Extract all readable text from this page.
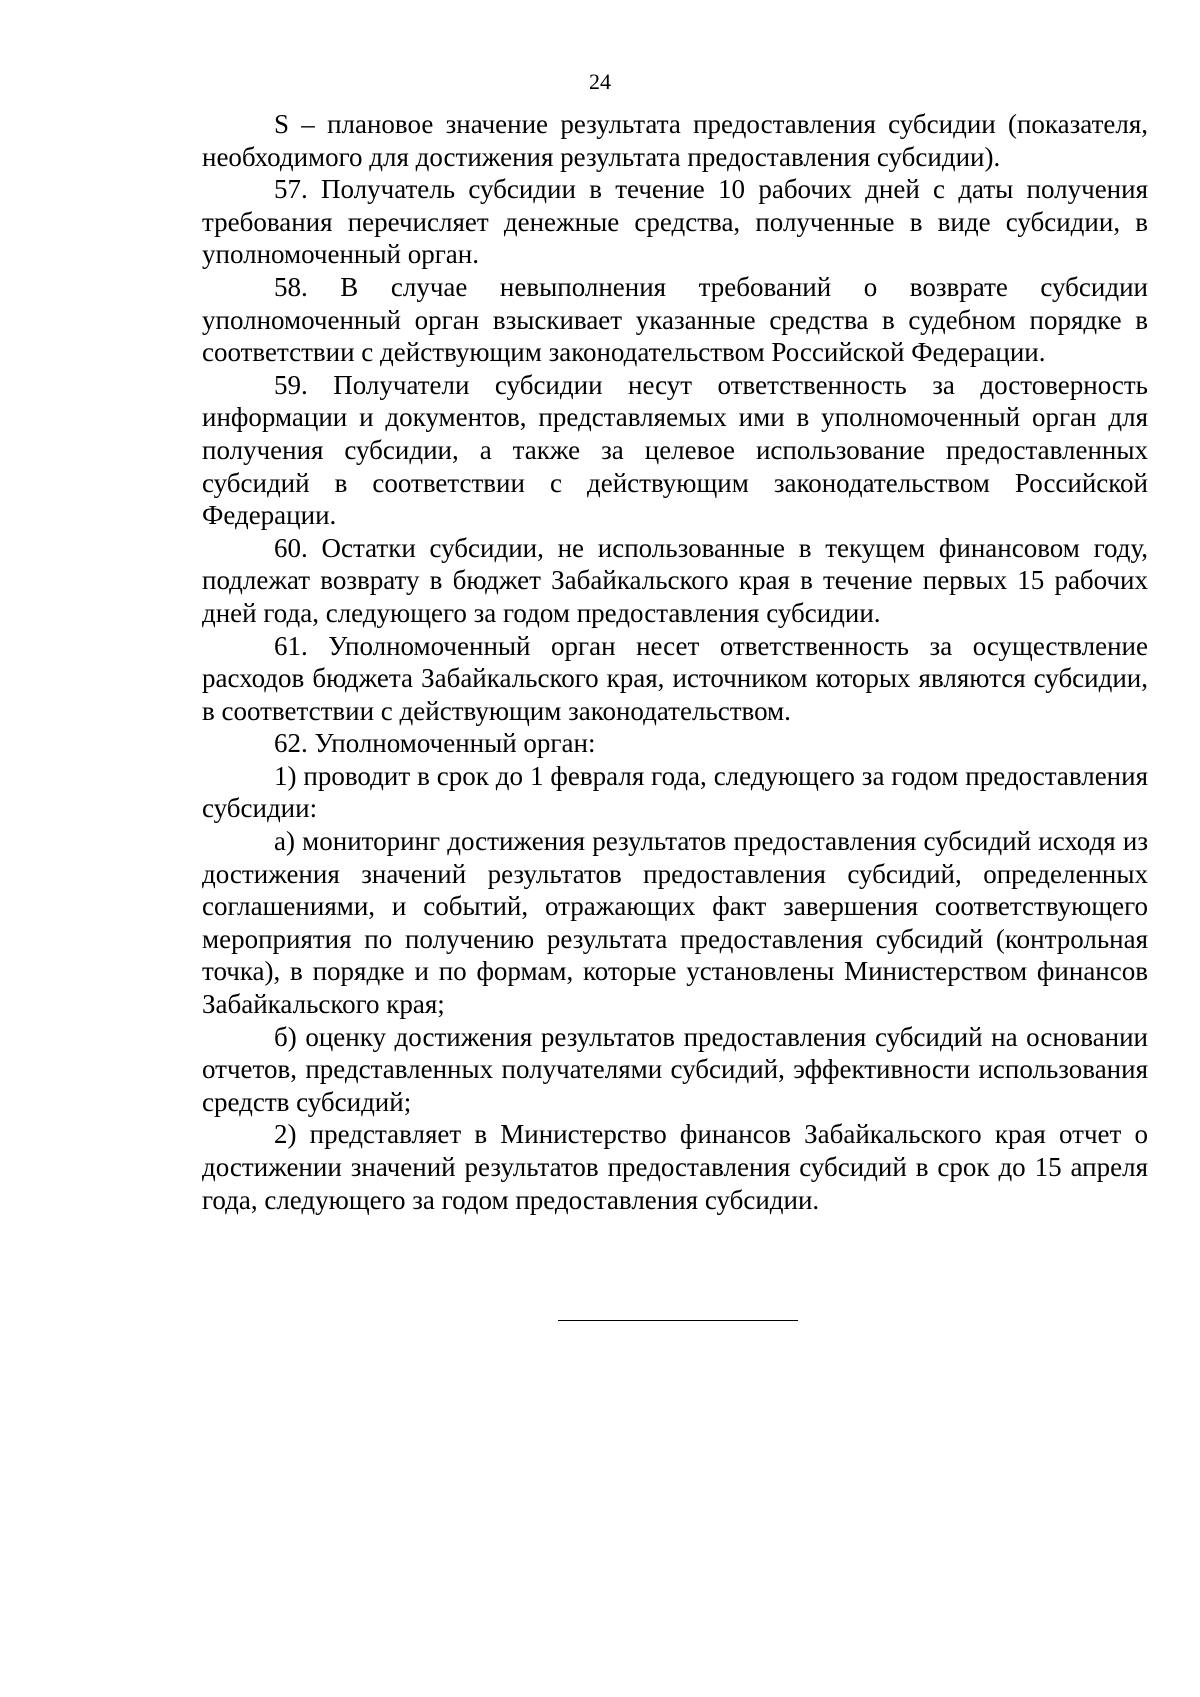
24

S – плановое значение результата предоставления субсидии (показателя, необходимого для достижения результата предоставления субсидии).

57. Получатель субсидии в течение 10 рабочих дней с даты получения требования перечисляет денежные средства, полученные в виде субсидии, в уполномоченный орган.

58. В случае невыполнения требований о возврате субсидии уполномоченный орган взыскивает указанные средства в судебном порядке в соответствии с действующим законодательством Российской Федерации.

59. Получатели субсидии несут ответственность за достоверность информации и документов, представляемых ими в уполномоченный орган для получения субсидии, а также за целевое использование предоставленных субсидий в соответствии с действующим законодательством Российской Федерации.

60. Остатки субсидии, не использованные в текущем финансовом году, подлежат возврату в бюджет Забайкальского края в течение первых 15 рабочих дней года, следующего за годом предоставления субсидии.

61. Уполномоченный орган несет ответственность за осуществление расходов бюджета Забайкальского края, источником которых являются субсидии, в соответствии с действующим законодательством.

62. Уполномоченный орган:

1) проводит в срок до 1 февраля года, следующего за годом предоставления субсидии:

а) мониторинг достижения результатов предоставления субсидий исходя из достижения значений результатов предоставления субсидий, определенных соглашениями, и событий, отражающих факт завершения соответствующего мероприятия по получению результата предоставления субсидий (контрольная точка), в порядке и по формам, которые установлены Министерством финансов Забайкальского края;

б) оценку достижения результатов предоставления субсидий на основании отчетов, представленных получателями субсидий, эффективности использования средств субсидий;

2) представляет в Министерство финансов Забайкальского края отчет о достижении значений результатов предоставления субсидий в срок до 15 апреля года, следующего за годом предоставления субсидии.
